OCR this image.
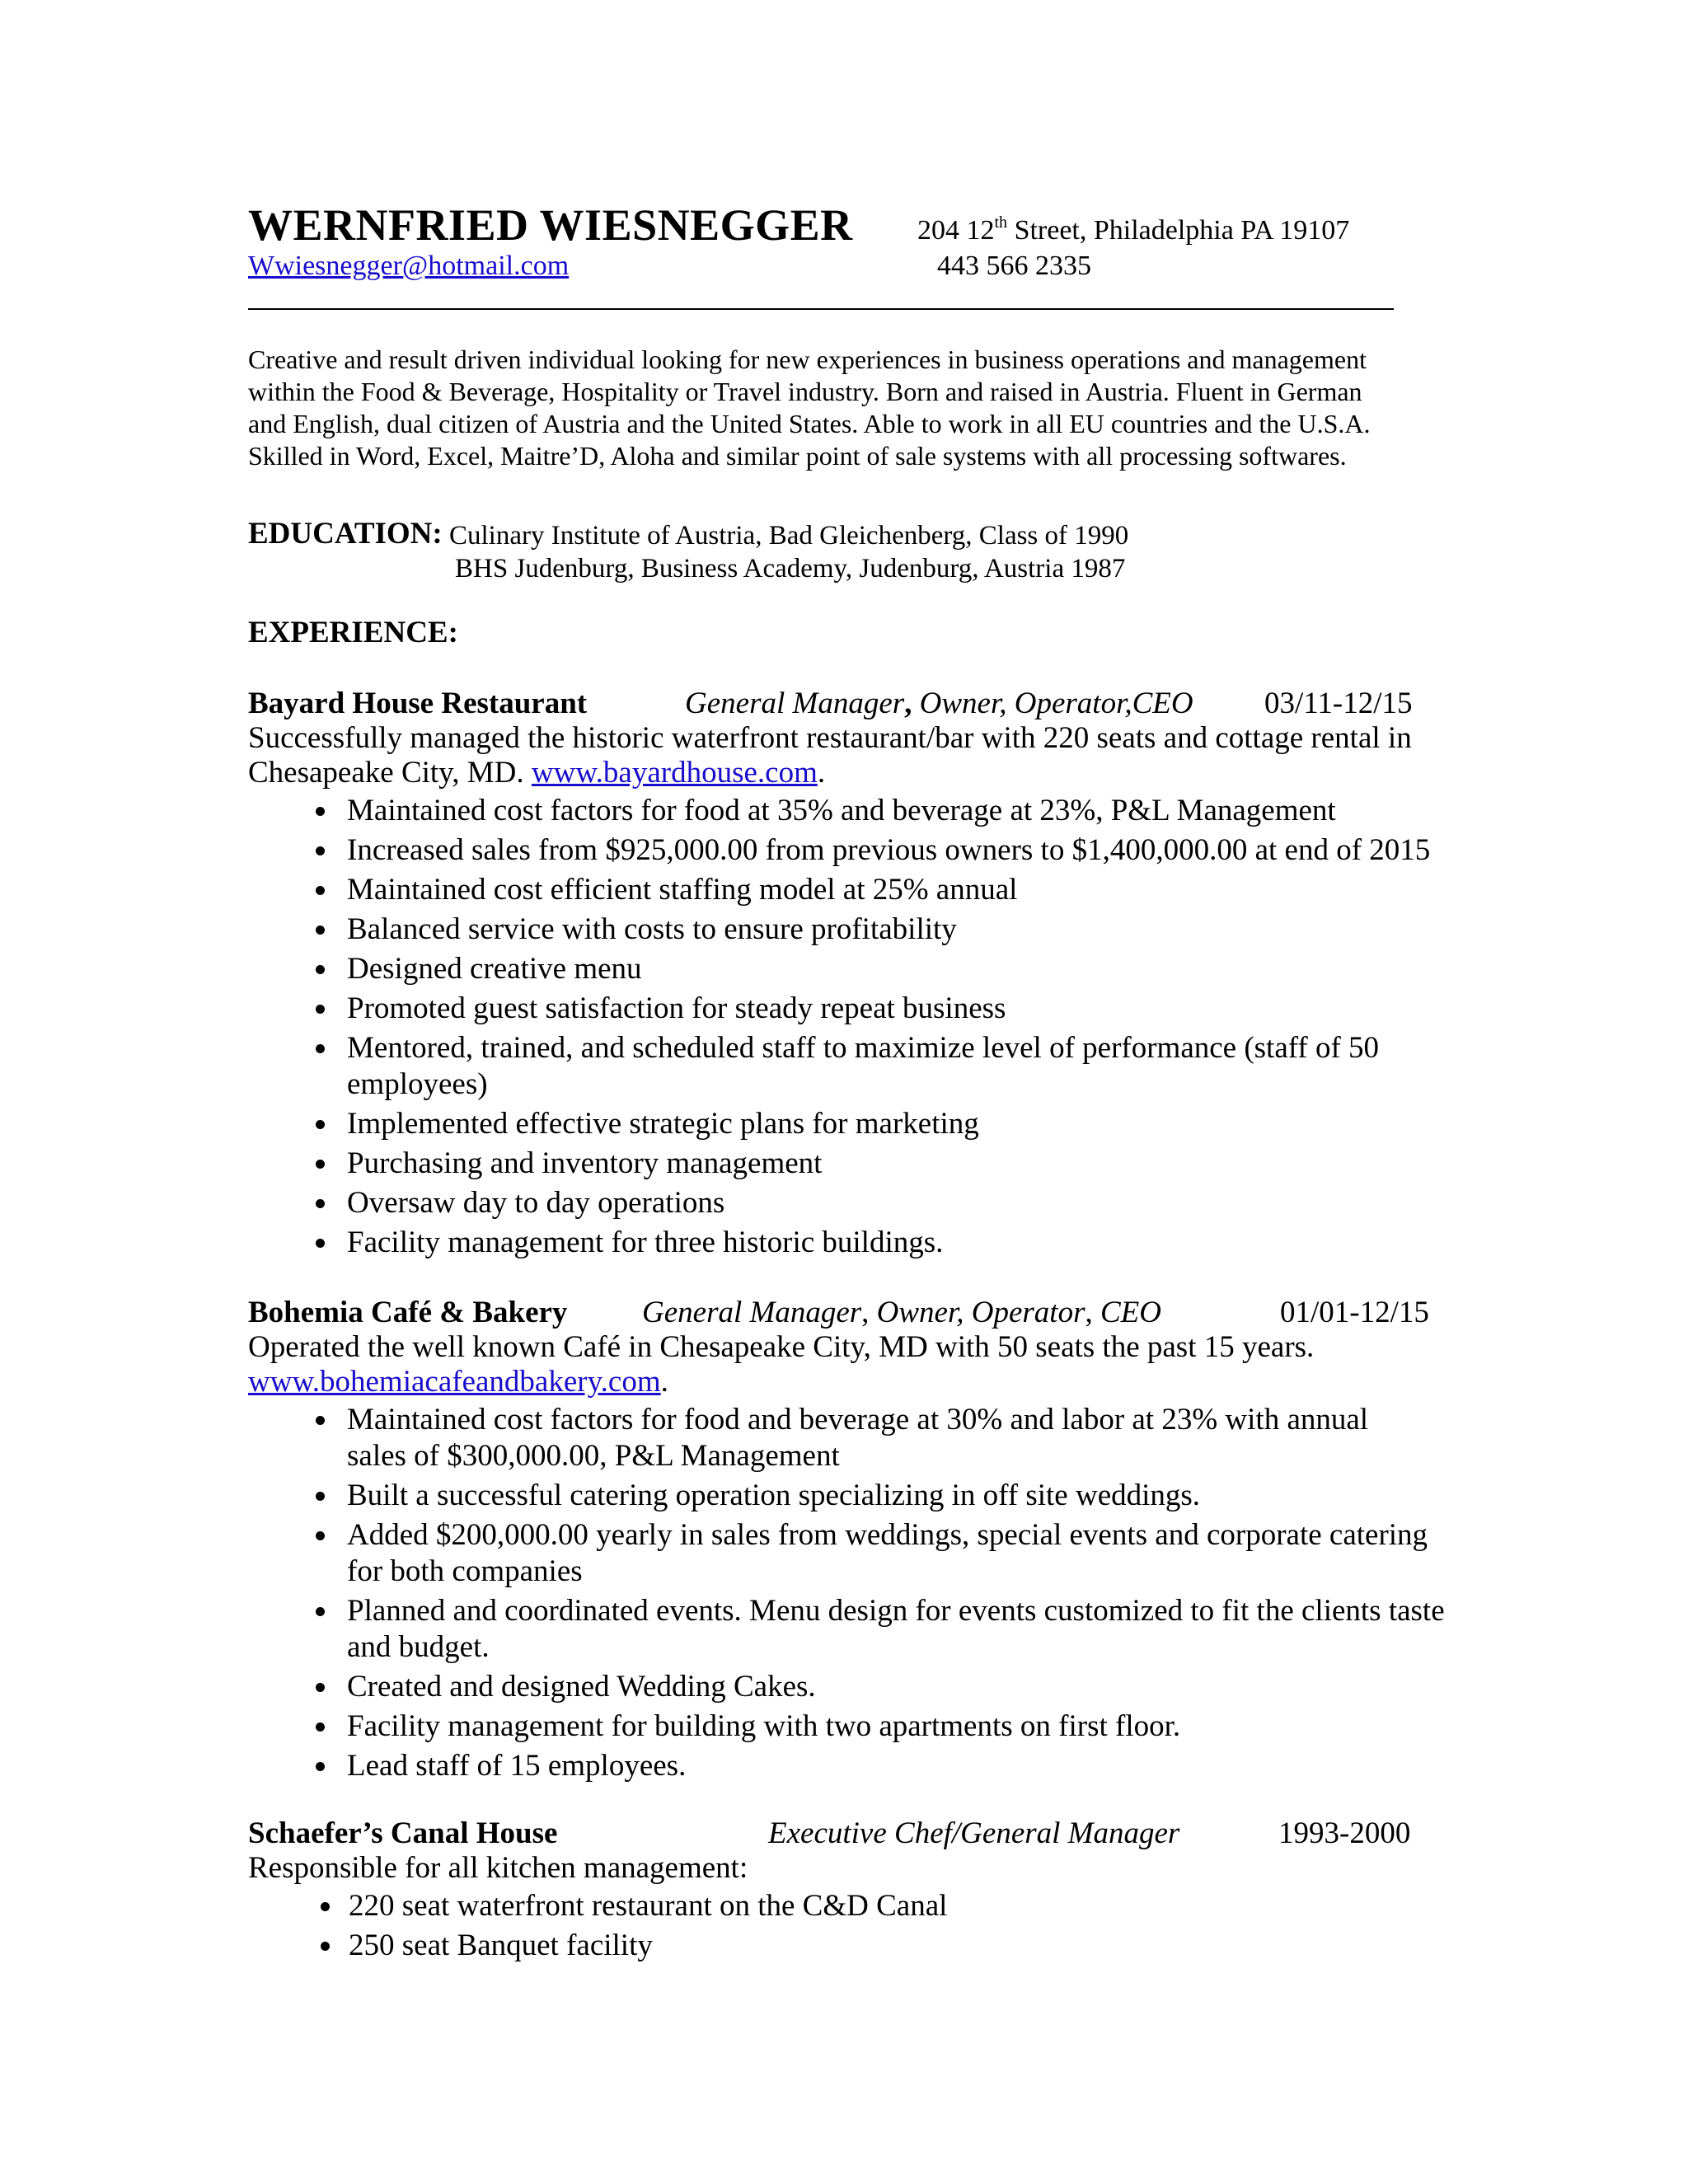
WERNFRIED WIESNEGGER 204 12th Street, Philadelphia PA 19107
Wwiesnegger@hotmail.com	443 566 2335
Creative and result driven individual looking for new experiences in business operations and management
within the Food & Beverage, Hospitality or Travel industry. Born and raised in Austria. Fluent in German
and English, dual citizen of Austria and the United States. Able to work in all EU countries and the U.S.A.
Skilled in Word, Excel, Maitre’D, Aloha and similar point of sale systems with all processing softwares.
EDUCATION: Culinary Institute of Austria, Bad Gleichenberg, Class of 1990
BHS Judenburg, Business Academy, Judenburg, Austria 1987
EXPERIENCE:
Bayard House Restaurant	General Manager, Owner, Operator,CEO 03/11-12/15
Successfully managed the historic waterfront restaurant/bar with 220 seats and cottage rental in
Chesapeake City, MD. www.bayardhouse.com.
Maintained cost factors for food at 35% and beverage at 23%, P&L Management
Increased sales from $925,000.00 from previous owners to $1,400,000.00 at end of 2015
Maintained cost efficient staffing model at 25% annual
Balanced service with costs to ensure profitability
Designed creative menu
Promoted guest satisfaction for steady repeat business
Mentored, trained, and scheduled staff to maximize level of performance (staff of 50
employees)
Implemented effective strategic plans for marketing
Purchasing and inventory management
Oversaw day to day operations
Facility management for three historic buildings.
Bohemia Café & Bakery General Manager, Owner, Operator, CEO	01/01-12/15
Operated the well known Café in Chesapeake City, MD with 50 seats the past 15 years.
www.bohemiacafeandbakery.com.
Maintained cost factors for food and beverage at 30% and labor at 23% with annual
sales of $300,000.00, P&L Management
Built a successful catering operation specializing in off site weddings.
Added $200,000.00 yearly in sales from weddings, special events and corporate catering
for both companies
Planned and coordinated events. Menu design for events customized to fit the clients taste
and budget.
Created and designed Wedding Cakes.
Facility management for building with two apartments on first floor.
Lead staff of 15 employees.
Schaefer’s Canal House	Executive Chef/General Manager	1993-2000
Responsible for all kitchen management:
220 seat waterfront restaurant on the C&D Canal
250 seat Banquet facility
